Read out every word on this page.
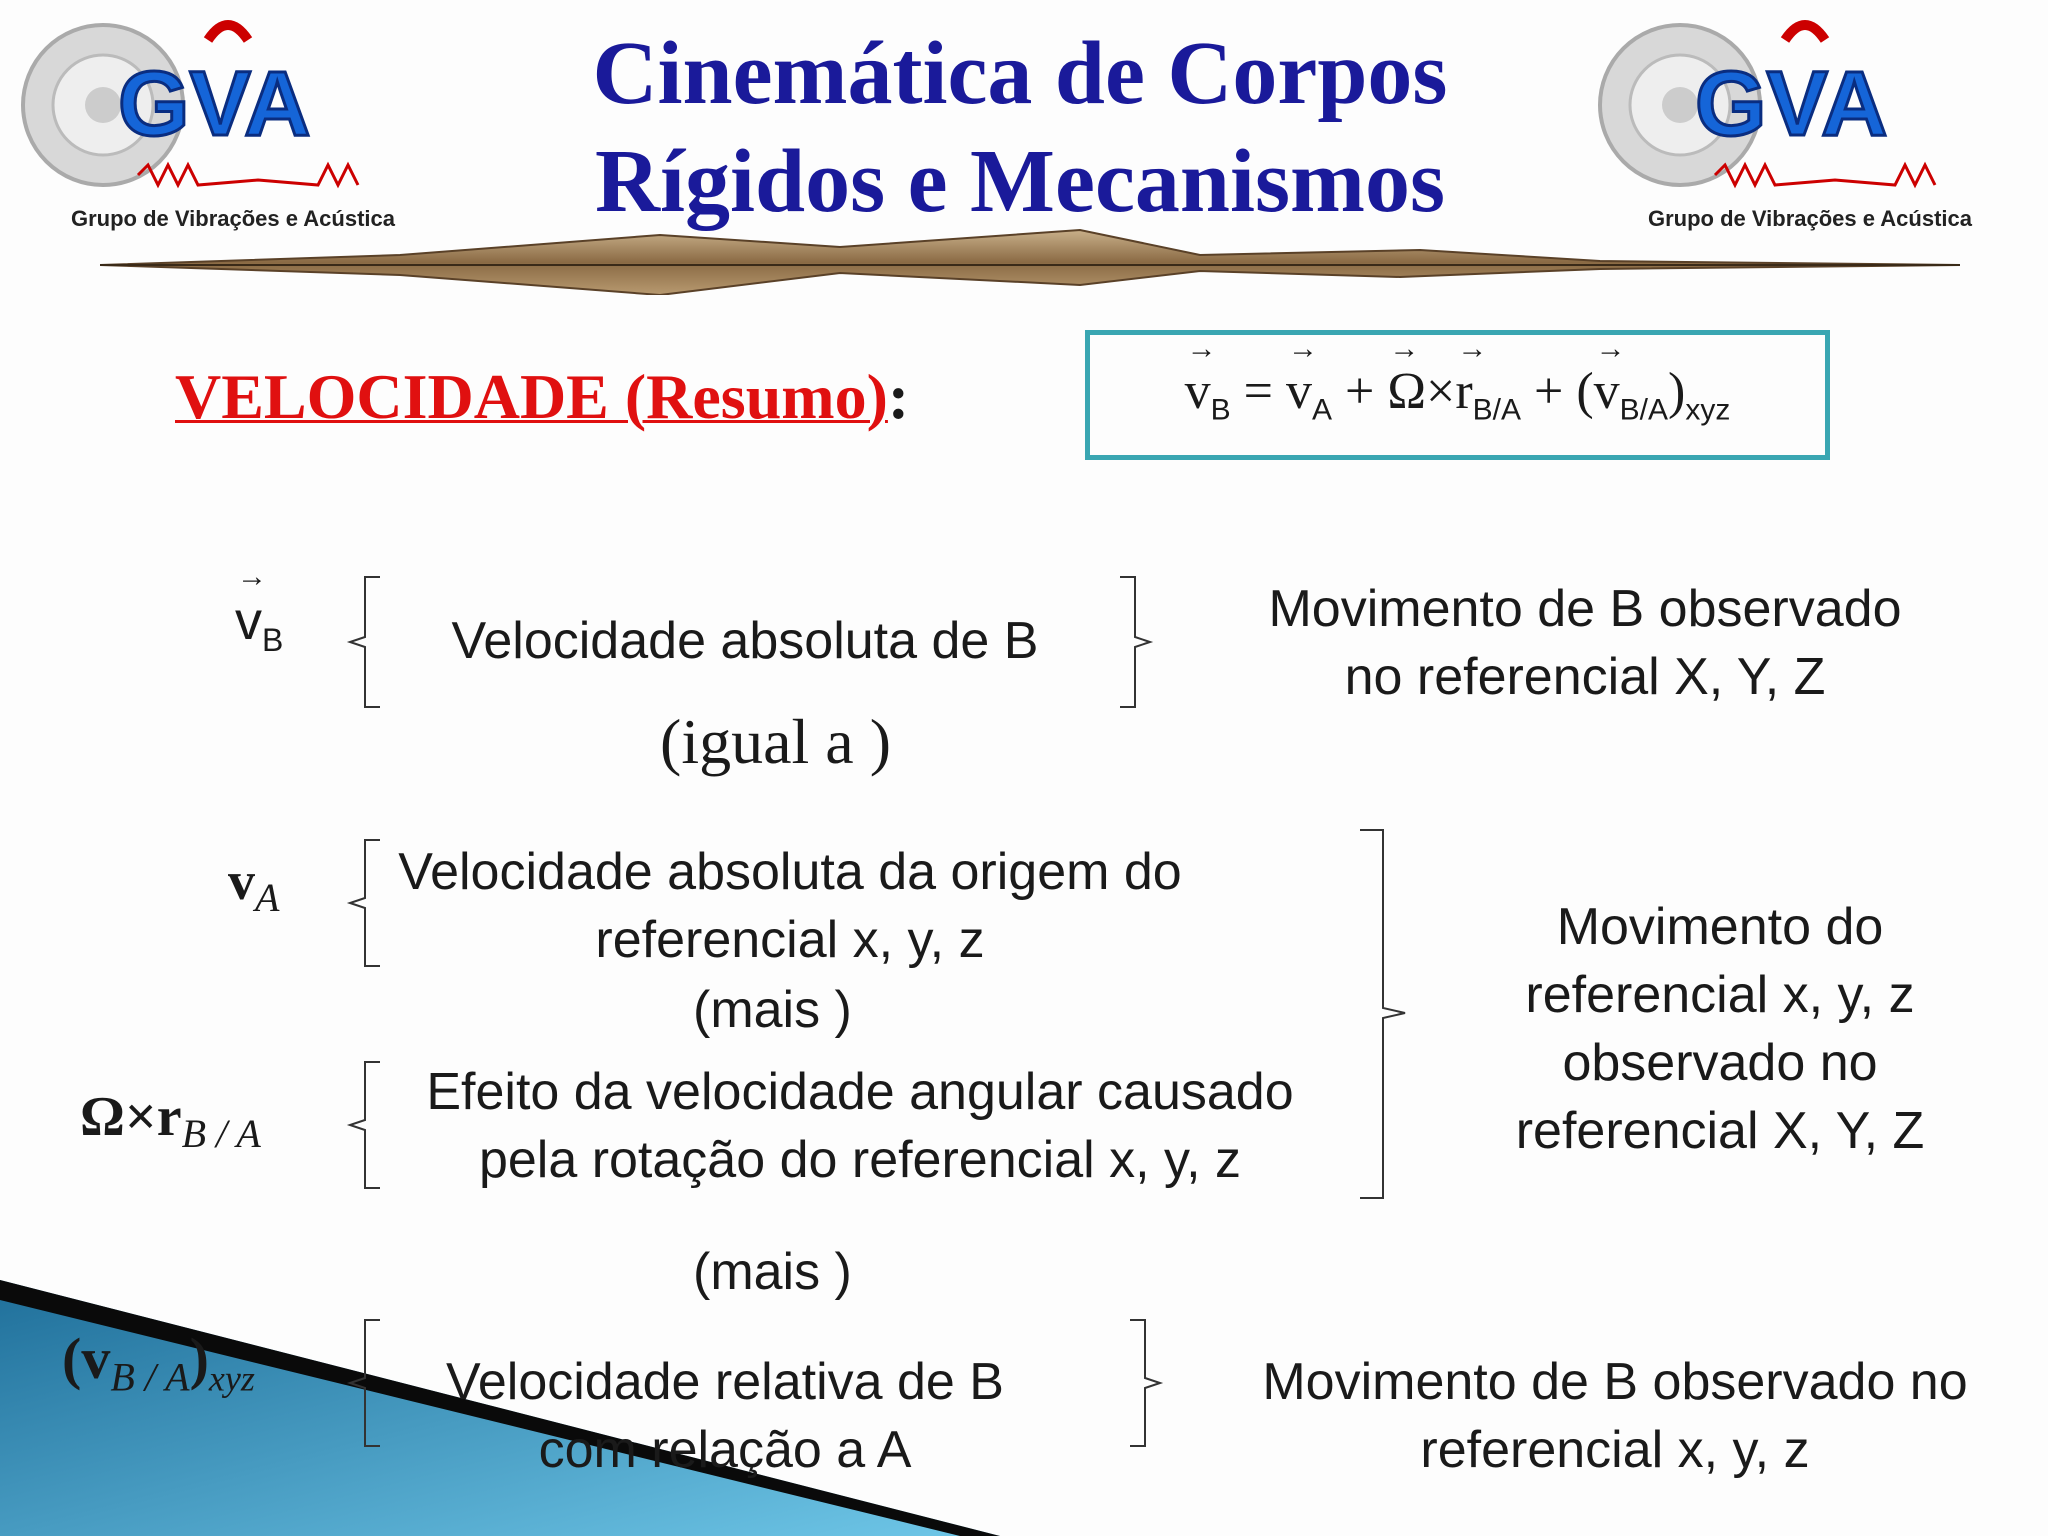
GVA
Grupo de Vibrações e Acústica
GVA
Grupo de Vibrações e Acústica
Cinemática de Corpos
Rígidos e Mecanismos
VELOCIDADE (Resumo):
→	$v_B$ = → $v_A$ + → $\Omega\times\to r_{B/A}$ + (→ $v_{B/A})_{xyz}$
→ $v_B$	Velocidade absoluta de B
Movimento de B observado
no referencial X, Y, Z
(igual a )
$v_A$ Velocidade absoluta da origem do
referencial x, y, z
(mais )
$\Omega\times r_{B / A}$
Efeito da velocidade angular causado
pela rotação do referencial x, y, z
Movimento do
referencial x, y, z
observado no
referencial X, Y, Z
(mais )
$(v_{B / A})_{xyz}$	Velocidade relativa de B
com relação a A
Movimento de B observado no
referencial x, y, z
